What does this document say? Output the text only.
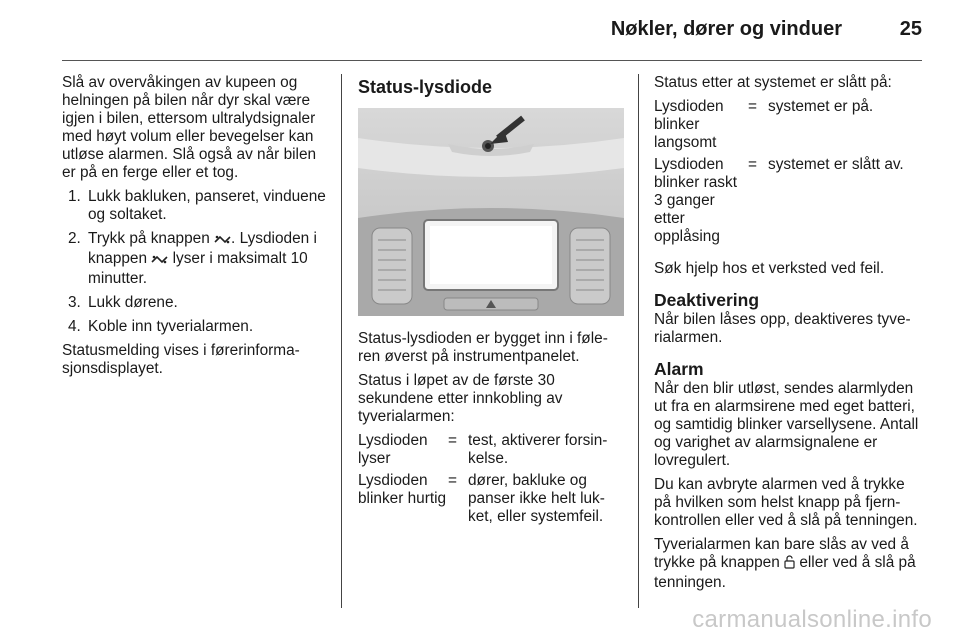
Nøkler, dører og vinduer	25

Slå av overvåkingen av kupeen og helningen på bilen når dyr skal være igjen i bilen, ettersom ultralydsignaler med høyt volum eller bevegelser kan utløse alarmen. Slå også av når bilen er på en ferge eller et tog.

1. Lukk bakluken, panseret, vinduene og soltaket.
2. Trykk på knappen . Lysdioden i knappen  lyser i maksimalt 10 minutter.
3. Lukk dørene.
4. Koble inn tyverialarmen.

Statusmelding vises i førerinformasjonsdisplayet.

Status-lysdiode

Status-lysdioden er bygget inn i føleren øverst på instrumentpanelet.

Status i løpet av de første 30 sekundene etter innkobling av tyverialarmen:

Lysdioden lyser
= test, aktiverer forsinkelse.
Lysdioden blinker hurtig
= dører, bakluke og panser ikke helt lukket, eller systemfeil.

Status etter at systemet er slått på:

Lysdioden blinker langsomt
= systemet er på.
Lysdioden blinker raskt 3 ganger etter opplåsing
= systemet er slått av.

Søk hjelp hos et verksted ved feil.

Deaktivering

Når bilen låses opp, deaktiveres tyverialarmen.

Alarm

Når den blir utløst, sendes alarmlyden ut fra en alarmsirene med eget batteri, og samtidig blinker varsellysene. Antall og varighet av alarmsignalene er lovregulert.

Du kan avbryte alarmen ved å trykke på hvilken som helst knapp på fjernkontrollen eller ved å slå på tenningen.

Tyverialarmen kan bare slås av ved å trykke på knappen  eller ved å slå på tenningen.

carmanualsonline.info
